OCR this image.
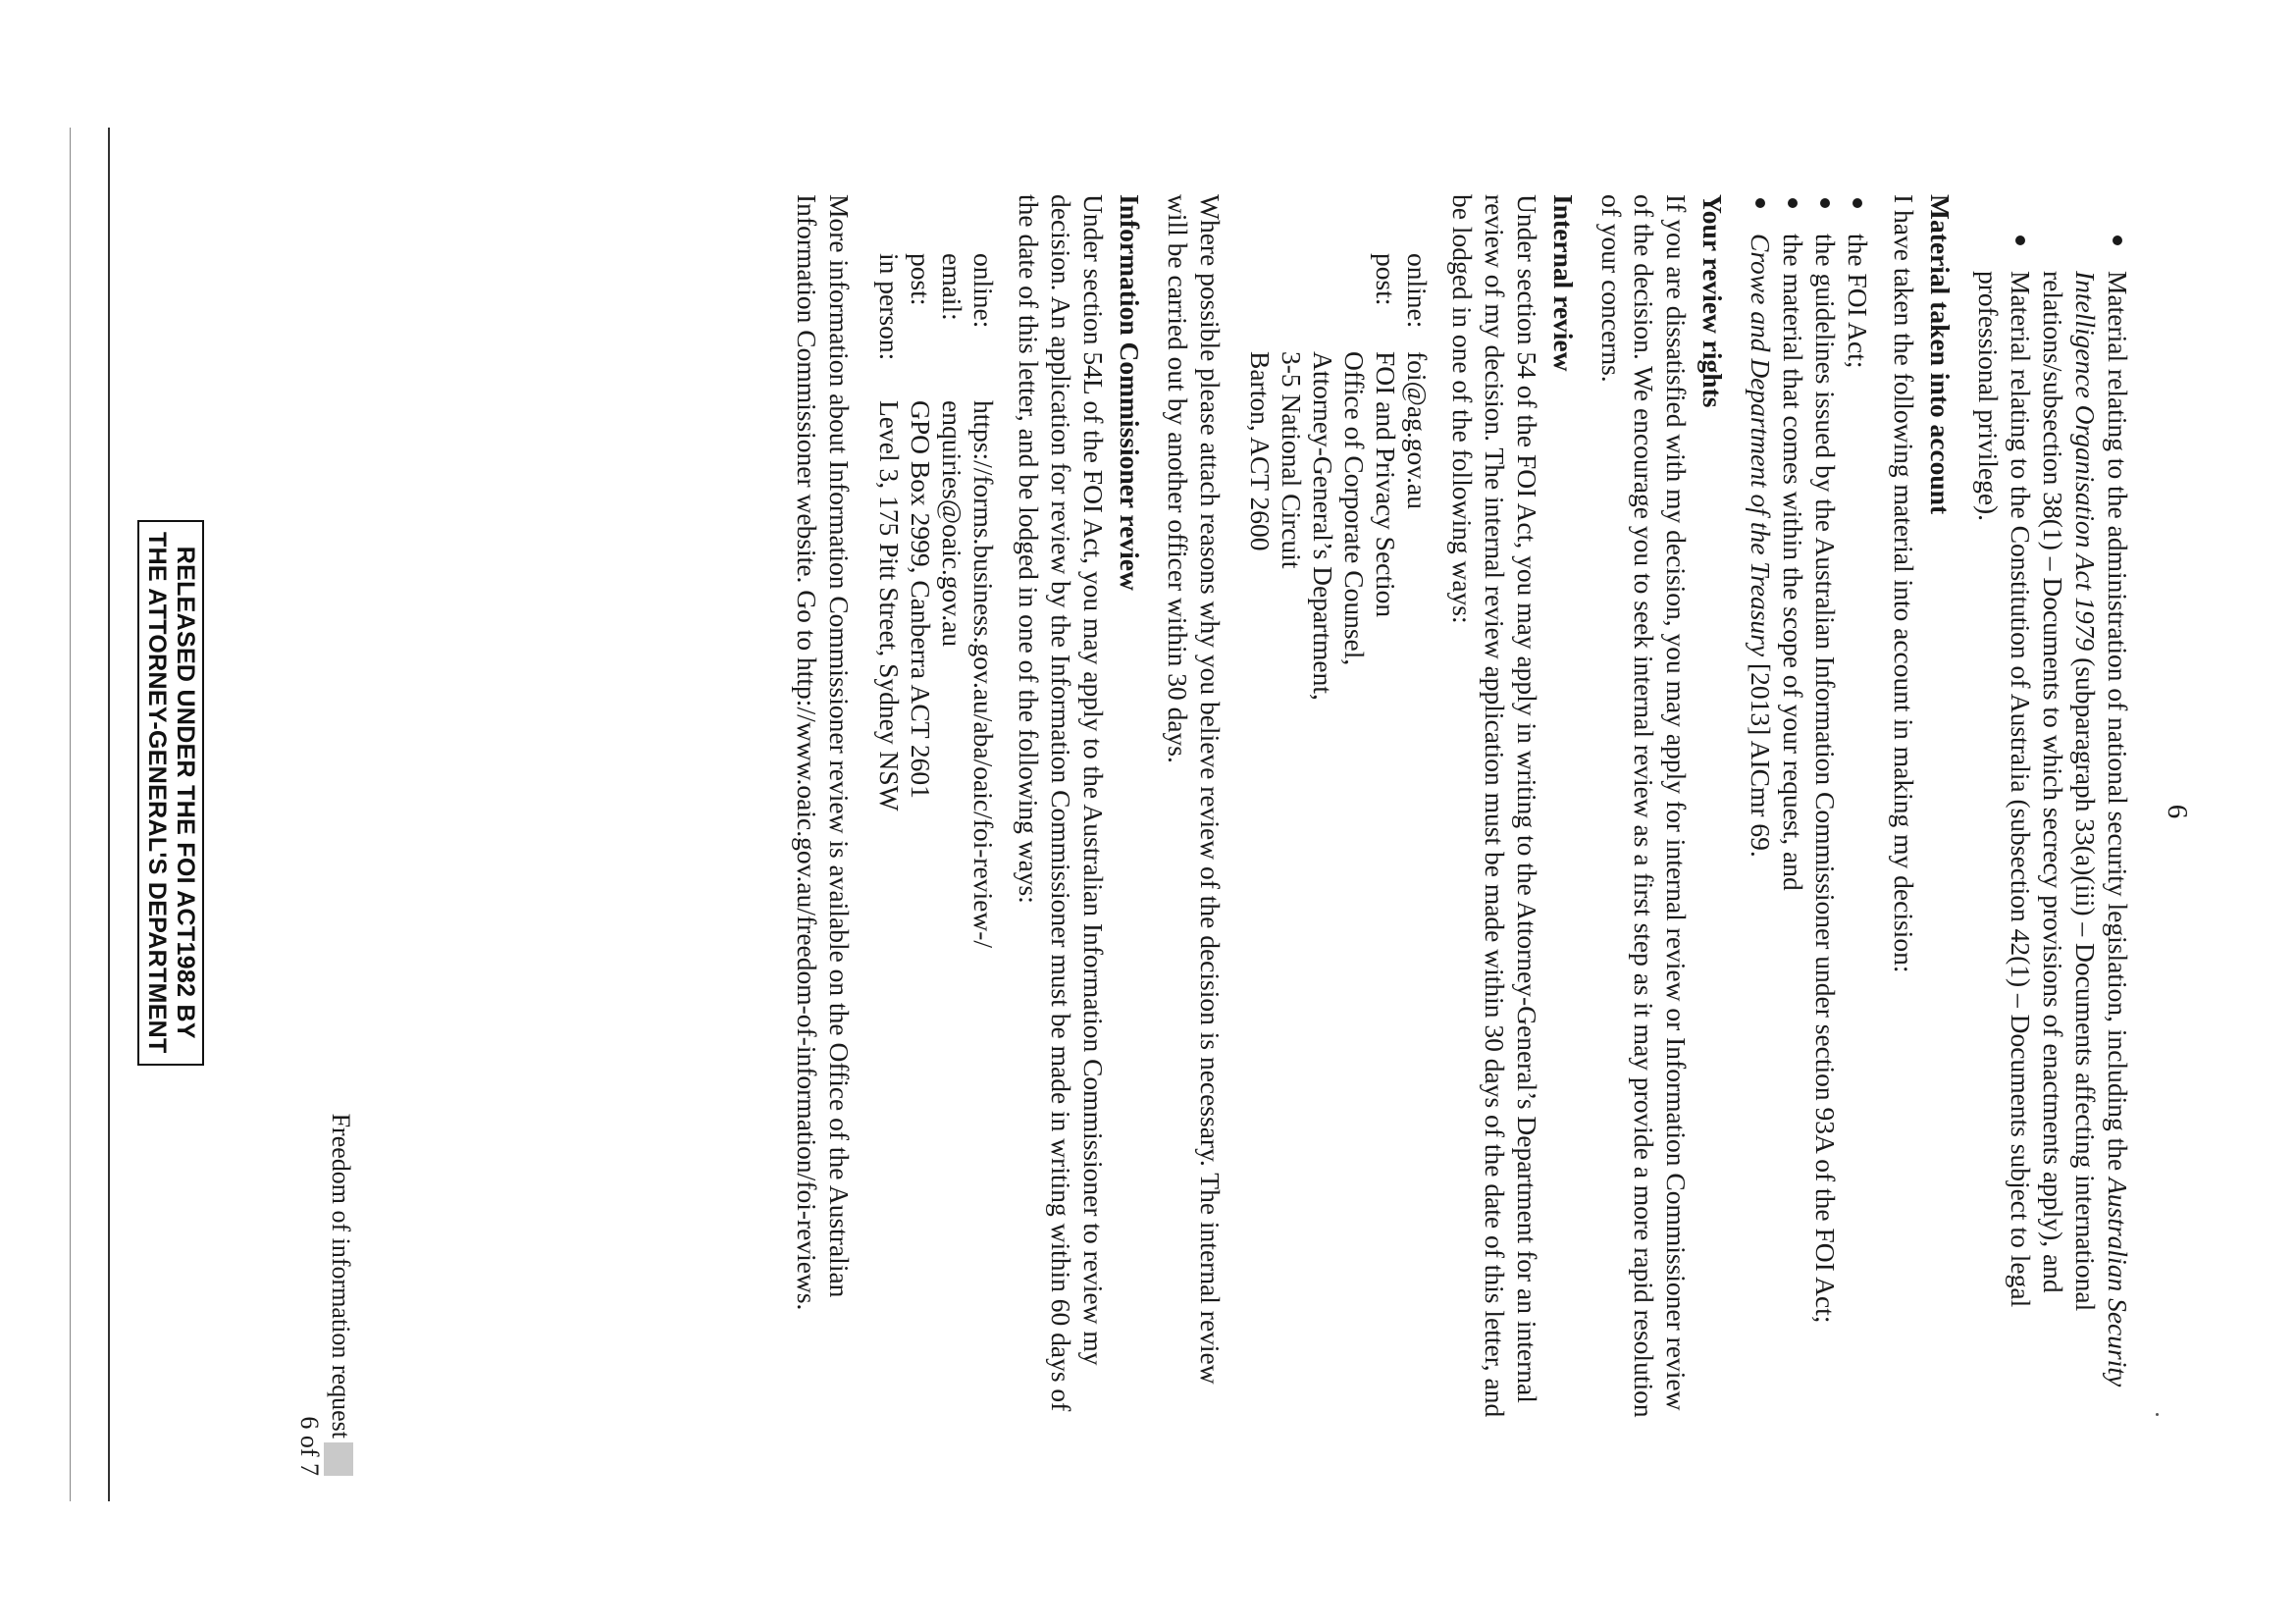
6
Material relating to the administration of national security legislation, including the Australian Security Intelligence Organisation Act 1979 (subparagraph 33(a)(iii) – Documents affecting international relations/subsection 38(1) – Documents to which secrecy provisions of enactments apply), and
Material relating to the Constitution of Australia (subsection 42(1) – Documents subject to legal professional privilege).
Material taken into account

I have taken the following material into account in making my decision:

the FOI Act;
the guidelines issued by the Australian Information Commissioner under section 93A of the FOI Act;
the material that comes within the scope of your request, and
Crowe and Department of the Treasury [2013] AICmr 69.
Your review rights

If you are dissatisfied with my decision, you may apply for internal review or Information Commissioner review of the decision. We encourage you to seek internal review as a first step as it may provide a more rapid resolution of your concerns.

Internal review

Under section 54 of the FOI Act, you may apply in writing to the Attorney-General’s Department for an internal review of my decision. The internal review application must be made within 30 days of the date of this letter, and be lodged in one of the following ways:

online:	foi@ag.gov.au
post:	FOI and Privacy Section
Office of Corporate Counsel,
Attorney-General’s Department,
3-5 National Circuit
Barton, ACT 2600

Where possible please attach reasons why you believe review of the decision is necessary. The internal review will be carried out by another officer within 30 days.

Information Commissioner review

Under section 54L of the FOI Act, you may apply to the Australian Information Commissioner to review my decision. An application for review by the Information Commissioner must be made in writing within 60 days of the date of this letter, and be lodged in one of the following ways:

online:	https://forms.business.gov.au/aba/oaic/foi-review-/
email:	enquiries@oaic.gov.au
post:	GPO Box 2999, Canberra ACT 2601
in person:	Level 3, 175 Pitt Street, Sydney NSW

More information about Information Commissioner review is available on the Office of the Australian Information Commissioner website. Go to http://www.oaic.gov.au/freedom-of-information/foi-reviews.

Freedom of information request
6 of 7
RELEASED UNDER THE FOI ACT1982 BY
THE ATTORNEY-GENERAL'S DEPARTMENT
